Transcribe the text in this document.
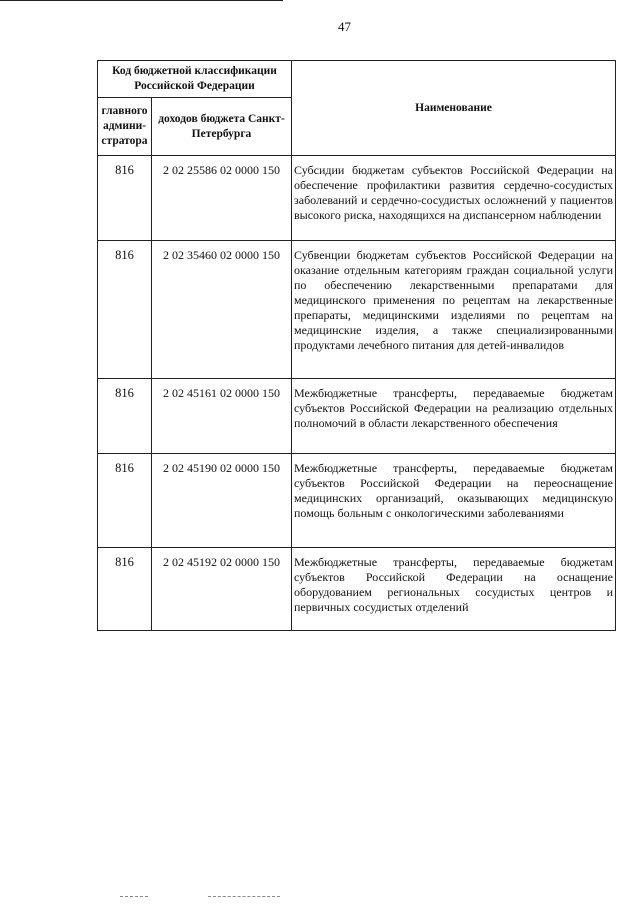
47
Код бюджетной классификации Российской Федерации		Наименование
главного админи-стратора	доходов бюджета Санкт-Петербурга	
816	2 02 25586 02 0000 150	Субсидии бюджетам субъектов Российской Федерации на обеспечение профилактики развития сердечно-сосудистых заболеваний и сердечно-сосудистых осложнений у пациентов высокого риска, находящихся на диспансерном наблюдении
816	2 02 35460 02 0000 150	Субвенции бюджетам субъектов Российской Федерации на оказание отдельным категориям граждан социальной услуги по обеспечению лекарственными препаратами для медицинского применения по рецептам на лекарственные препараты, медицинскими изделиями по рецептам на медицинские изделия, а также специализированными продуктами лечебного питания для детей-инвалидов
816	2 02 45161 02 0000 150	Межбюджетные трансферты, передаваемые бюджетам субъектов Российской Федерации на реализацию отдельных полномочий в области лекарственного обеспечения
816	2 02 45190 02 0000 150	Межбюджетные трансферты, передаваемые бюджетам субъектов Российской Федерации на переоснащение медицинских организаций, оказывающих медицинскую помощь больным с онкологическими заболеваниями
816	2 02 45192 02 0000 150	Межбюджетные трансферты, передаваемые бюджетам субъектов Российской Федерации на оснащение оборудованием региональных сосудистых центров и первичных сосудистых отделений
